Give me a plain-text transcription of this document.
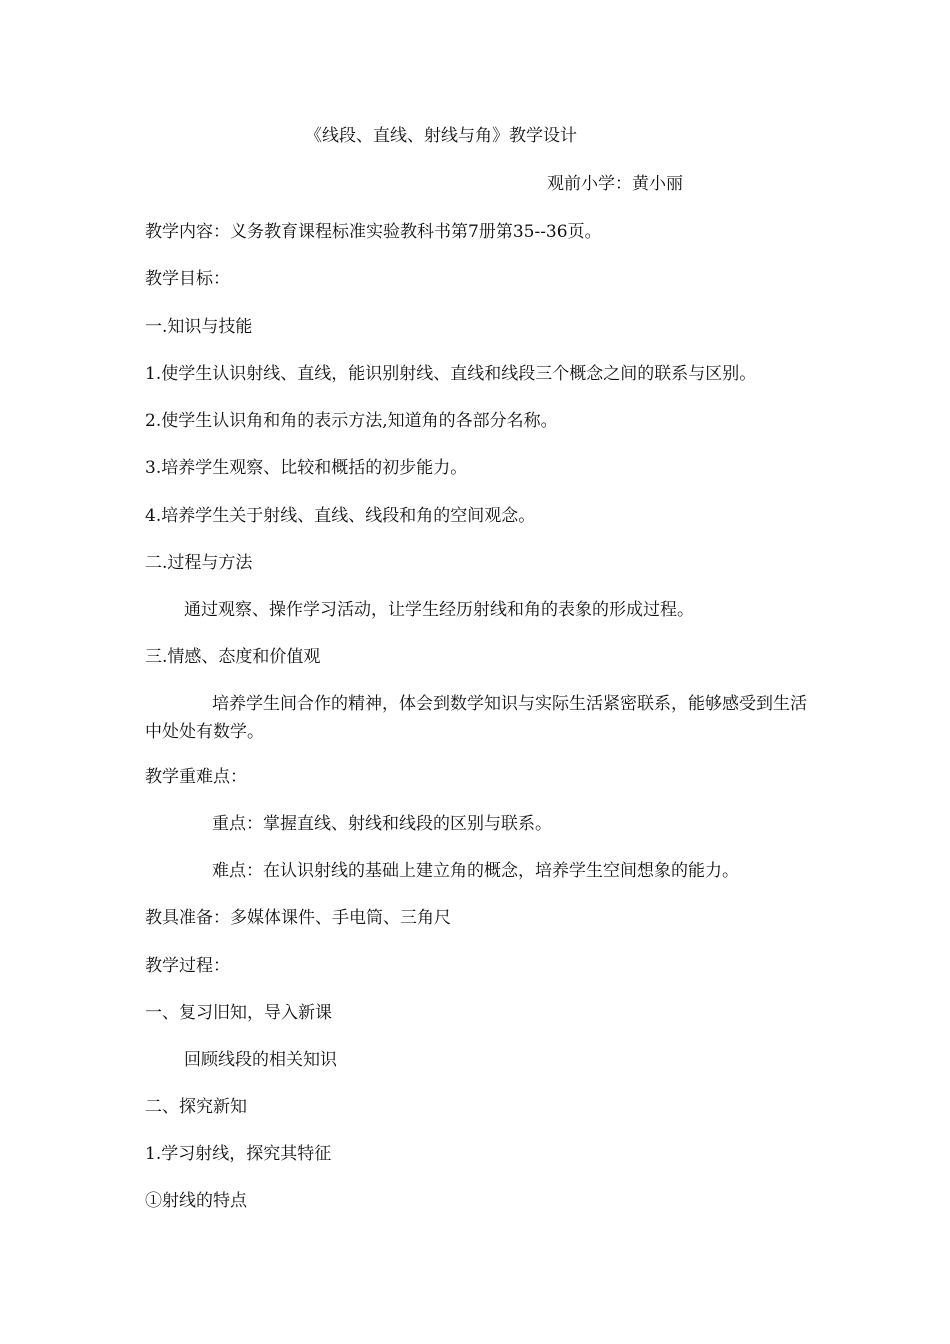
《线段、直线、射线与角》教学设计
观前小学：黄小丽
教学内容：义务教育课程标准实验教科书第7册第35--36页。
教学目标：
一.知识与技能
1.使学生认识射线、直线，能识别射线、直线和线段三个概念之间的联系与区别。
2.使学生认识角和角的表示方法,知道角的各部分名称。
3.培养学生观察、比较和概括的初步能力。
4.培养学生关于射线、直线、线段和角的空间观念。
二.过程与方法
通过观察、操作学习活动，让学生经历射线和角的表象的形成过程。
三.情感、态度和价值观
培养学生间合作的精神，体会到数学知识与实际生活紧密联系，能够感受到生活中处处有数学。
教学重难点：
重点：掌握直线、射线和线段的区别与联系。
难点：在认识射线的基础上建立角的概念，培养学生空间想象的能力。
教具准备：多媒体课件、手电筒、三角尺
教学过程：
一、复习旧知，导入新课
回顾线段的相关知识
二、探究新知
1.学习射线，探究其特征
①射线的特点
